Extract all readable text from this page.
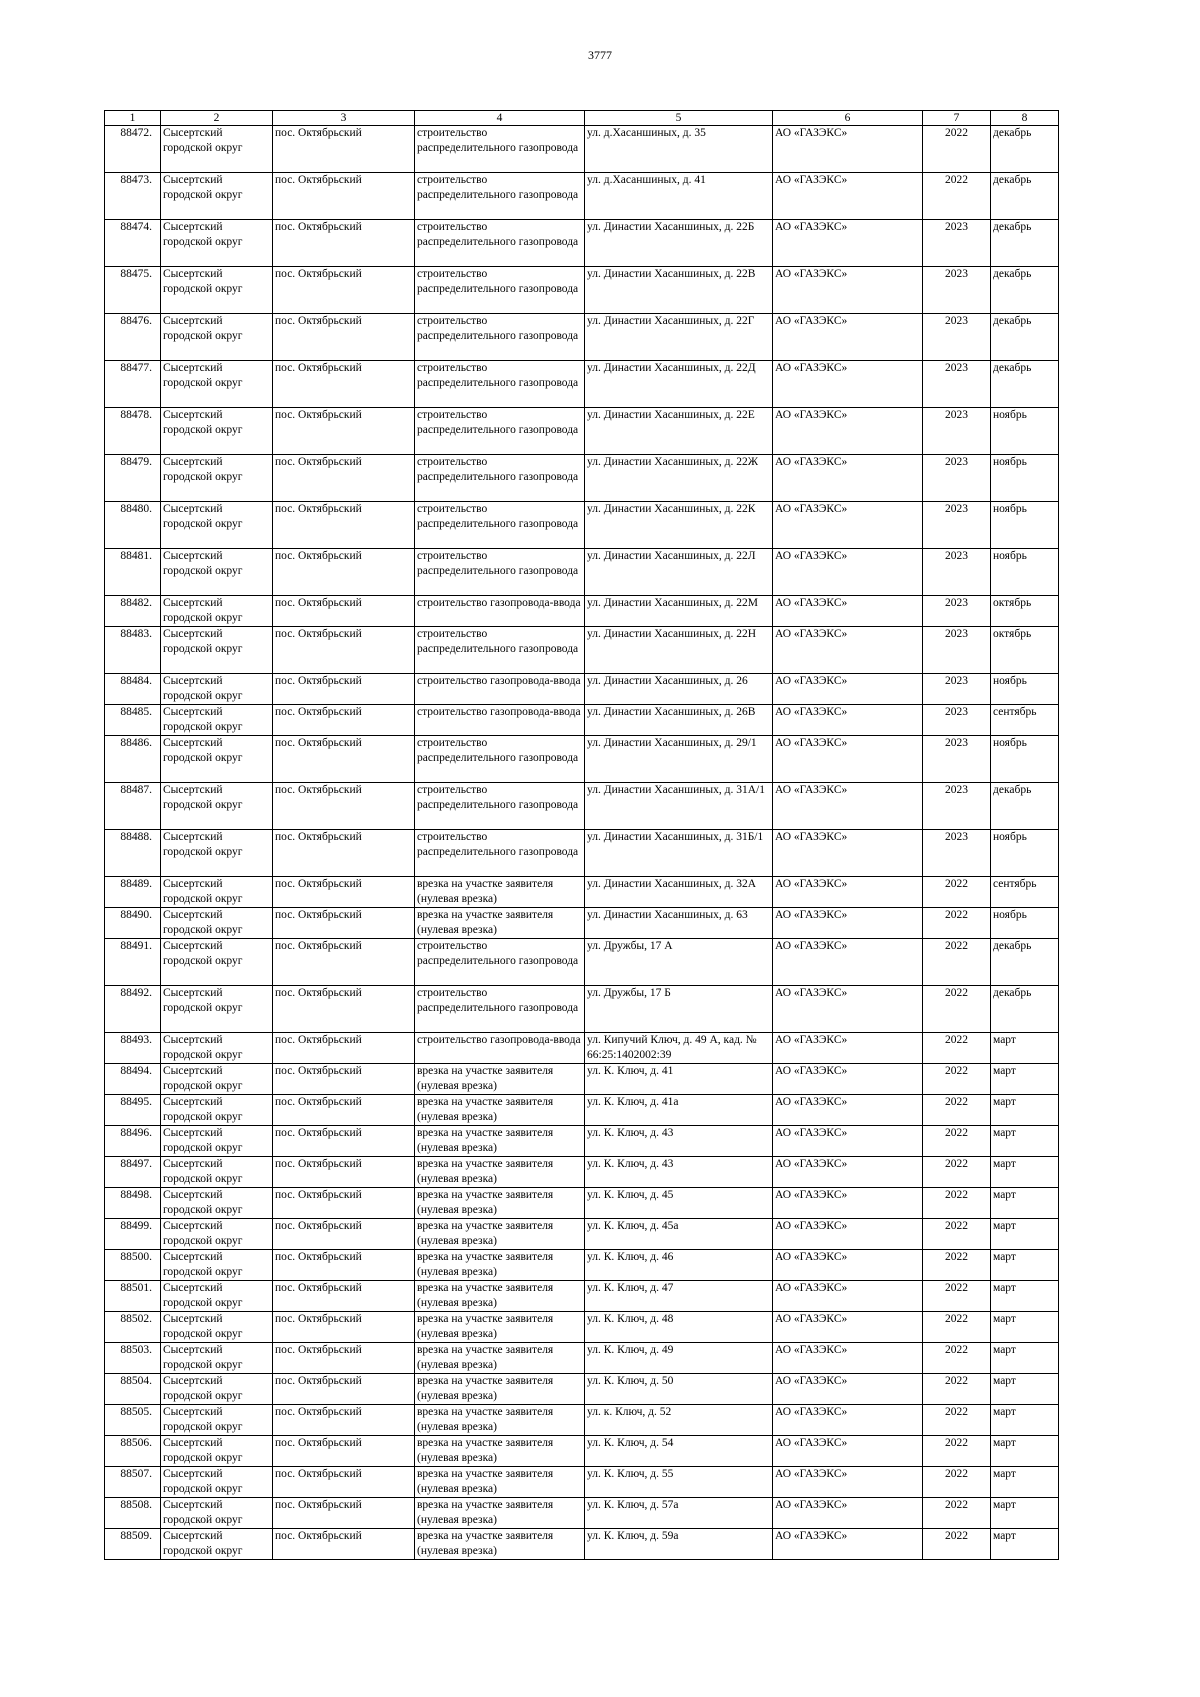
3777
1	2	3	4	5	6	7	8
88472.	Сысертский городской округ	пос. Октябрьский	строительство распределительного газопровода	ул. д.Хасаншиных, д. 35	АО «ГАЗЭКС»	2022	декабрь
88473.	Сысертский городской округ	пос. Октябрьский	строительство распределительного газопровода	ул. д.Хасаншиных, д. 41	АО «ГАЗЭКС»	2022	декабрь
88474.	Сысертский городской округ	пос. Октябрьский	строительство распределительного газопровода	ул. Династии Хасаншиных, д. 22Б	АО «ГАЗЭКС»	2023	декабрь
88475.	Сысертский городской округ	пос. Октябрьский	строительство распределительного газопровода	ул. Династии Хасаншиных, д. 22В	АО «ГАЗЭКС»	2023	декабрь
88476.	Сысертский городской округ	пос. Октябрьский	строительство распределительного газопровода	ул. Династии Хасаншиных, д. 22Г	АО «ГАЗЭКС»	2023	декабрь
88477.	Сысертский городской округ	пос. Октябрьский	строительство распределительного газопровода	ул. Династии Хасаншиных, д. 22Д	АО «ГАЗЭКС»	2023	декабрь
88478.	Сысертский городской округ	пос. Октябрьский	строительство распределительного газопровода	ул. Династии Хасаншиных, д. 22Е	АО «ГАЗЭКС»	2023	ноябрь
88479.	Сысертский городской округ	пос. Октябрьский	строительство распределительного газопровода	ул. Династии Хасаншиных, д. 22Ж	АО «ГАЗЭКС»	2023	ноябрь
88480.	Сысертский городской округ	пос. Октябрьский	строительство распределительного газопровода	ул. Династии Хасаншиных, д. 22К	АО «ГАЗЭКС»	2023	ноябрь
88481.	Сысертский городской округ	пос. Октябрьский	строительство распределительного газопровода	ул. Династии Хасаншиных, д. 22Л	АО «ГАЗЭКС»	2023	ноябрь
88482.	Сысертский городской округ	пос. Октябрьский	строительство газопровода-ввода	ул. Династии Хасаншиных, д. 22М	АО «ГАЗЭКС»	2023	октябрь
88483.	Сысертский городской округ	пос. Октябрьский	строительство распределительного газопровода	ул. Династии Хасаншиных, д. 22Н	АО «ГАЗЭКС»	2023	октябрь
88484.	Сысертский городской округ	пос. Октябрьский	строительство газопровода-ввода	ул. Династии Хасаншиных, д. 26	АО «ГАЗЭКС»	2023	ноябрь
88485.	Сысертский городской округ	пос. Октябрьский	строительство газопровода-ввода	ул. Династии Хасаншиных, д. 26В	АО «ГАЗЭКС»	2023	сентябрь
88486.	Сысертский городской округ	пос. Октябрьский	строительство распределительного газопровода	ул. Династии Хасаншиных, д. 29/1	АО «ГАЗЭКС»	2023	ноябрь
88487.	Сысертский городской округ	пос. Октябрьский	строительство распределительного газопровода	ул. Династии Хасаншиных, д. 31А/1	АО «ГАЗЭКС»	2023	декабрь
88488.	Сысертский городской округ	пос. Октябрьский	строительство распределительного газопровода	ул. Династии Хасаншиных, д. 31Б/1	АО «ГАЗЭКС»	2023	ноябрь
88489.	Сысертский городской округ	пос. Октябрьский	врезка на участке заявителя (нулевая врезка)	ул. Династии Хасаншиных, д. 32А	АО «ГАЗЭКС»	2022	сентябрь
88490.	Сысертский городской округ	пос. Октябрьский	врезка на участке заявителя (нулевая врезка)	ул. Династии Хасаншиных, д. 63	АО «ГАЗЭКС»	2022	ноябрь
88491.	Сысертский городской округ	пос. Октябрьский	строительство распределительного газопровода	ул. Дружбы, 17 А	АО «ГАЗЭКС»	2022	декабрь
88492.	Сысертский городской округ	пос. Октябрьский	строительство распределительного газопровода	ул. Дружбы, 17 Б	АО «ГАЗЭКС»	2022	декабрь
88493.	Сысертский городской округ	пос. Октябрьский	строительство газопровода-ввода	ул. Кипучий Ключ, д. 49 А, кад. № 66:25:1402002:39	АО «ГАЗЭКС»	2022	март
88494.	Сысертский городской округ	пос. Октябрьский	врезка на участке заявителя (нулевая врезка)	ул. К. Ключ, д. 41	АО «ГАЗЭКС»	2022	март
88495.	Сысертский городской округ	пос. Октябрьский	врезка на участке заявителя (нулевая врезка)	ул. К. Ключ, д. 41а	АО «ГАЗЭКС»	2022	март
88496.	Сысертский городской округ	пос. Октябрьский	врезка на участке заявителя (нулевая врезка)	ул. К. Ключ, д. 43	АО «ГАЗЭКС»	2022	март
88497.	Сысертский городской округ	пос. Октябрьский	врезка на участке заявителя (нулевая врезка)	ул. К. Ключ, д. 43	АО «ГАЗЭКС»	2022	март
88498.	Сысертский городской округ	пос. Октябрьский	врезка на участке заявителя (нулевая врезка)	ул. К. Ключ, д. 45	АО «ГАЗЭКС»	2022	март
88499.	Сысертский городской округ	пос. Октябрьский	врезка на участке заявителя (нулевая врезка)	ул. К. Ключ, д. 45а	АО «ГАЗЭКС»	2022	март
88500.	Сысертский городской округ	пос. Октябрьский	врезка на участке заявителя (нулевая врезка)	ул. К. Ключ, д. 46	АО «ГАЗЭКС»	2022	март
88501.	Сысертский городской округ	пос. Октябрьский	врезка на участке заявителя (нулевая врезка)	ул. К. Ключ, д. 47	АО «ГАЗЭКС»	2022	март
88502.	Сысертский городской округ	пос. Октябрьский	врезка на участке заявителя (нулевая врезка)	ул. К. Ключ, д. 48	АО «ГАЗЭКС»	2022	март
88503.	Сысертский городской округ	пос. Октябрьский	врезка на участке заявителя (нулевая врезка)	ул. К. Ключ, д. 49	АО «ГАЗЭКС»	2022	март
88504.	Сысертский городской округ	пос. Октябрьский	врезка на участке заявителя (нулевая врезка)	ул. К. Ключ, д. 50	АО «ГАЗЭКС»	2022	март
88505.	Сысертский городской округ	пос. Октябрьский	врезка на участке заявителя (нулевая врезка)	ул. к. Ключ, д. 52	АО «ГАЗЭКС»	2022	март
88506.	Сысертский городской округ	пос. Октябрьский	врезка на участке заявителя (нулевая врезка)	ул. К. Ключ, д. 54	АО «ГАЗЭКС»	2022	март
88507.	Сысертский городской округ	пос. Октябрьский	врезка на участке заявителя (нулевая врезка)	ул. К. Ключ, д. 55	АО «ГАЗЭКС»	2022	март
88508.	Сысертский городской округ	пос. Октябрьский	врезка на участке заявителя (нулевая врезка)	ул. К. Ключ, д. 57а	АО «ГАЗЭКС»	2022	март
88509.	Сысертский городской округ	пос. Октябрьский	врезка на участке заявителя (нулевая врезка)	ул. К. Ключ, д. 59а	АО «ГАЗЭКС»	2022	март
